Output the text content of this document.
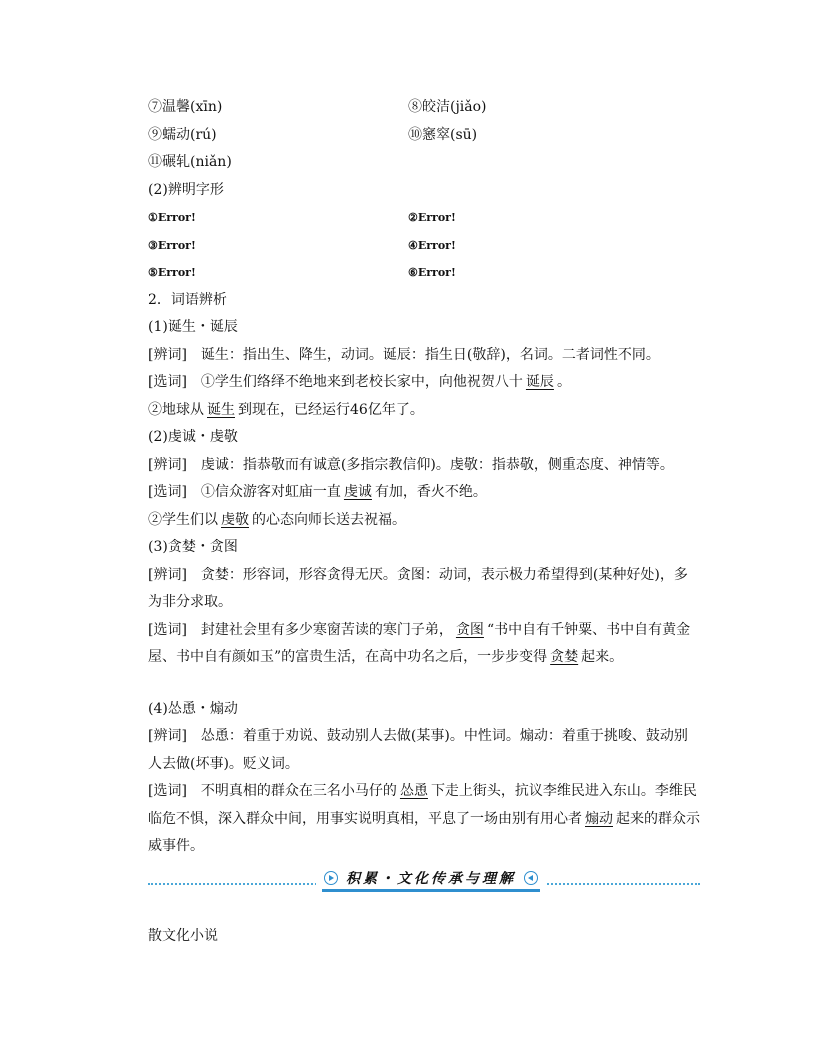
⑦温馨(xīn)	⑧皎洁(jiǎo)
⑨蠕动(rú)	⑩窸窣(sū)
⑪碾轧(niǎn)
(2)辨明字形
①Error!	②Error!
③Error!	④Error!
⑤Error!	⑥Error!
2．词语辨析
(1)诞生・诞辰
[辨词]　诞生：指出生、降生，动词。诞辰：指生日(敬辞)，名词。二者词性不同。
[选词]　①学生们络绎不绝地来到老校长家中，向他祝贺八十 诞辰 。
②地球从 诞生 到现在，已经运行46亿年了。
(2)虔诚・虔敬
[辨词]　虔诚：指恭敬而有诚意(多指宗教信仰)。虔敬：指恭敬，侧重态度、神情等。
[选词]　①信众游客对虹庙一直 虔诚 有加，香火不绝。
②学生们以 虔敬 的心态向师长送去祝福。
(3)贪婪・贪图
[辨词]　贪婪：形容词，形容贪得无厌。贪图：动词，表示极力希望得到(某种好处)，多为非分求取。
[选词]　封建社会里有多少寒窗苦读的寒门子弟， 贪图 “书中自有千钟粟、书中自有黄金屋、书中自有颜如玉”的富贵生活，在高中功名之后，一步步变得 贪婪 起来。
(4)怂恿・煽动
[辨词]　怂恿：着重于劝说、鼓动别人去做(某事)。中性词。煽动：着重于挑唆、鼓动别人去做(坏事)。贬义词。
[选词]　不明真相的群众在三名小马仔的 怂恿 下走上街头，抗议李维民进入东山。李维民临危不惧，深入群众中间，用事实说明真相，平息了一场由别有用心者 煽动 起来的群众示威事件。
积累・文化传承与理解
散文化小说
